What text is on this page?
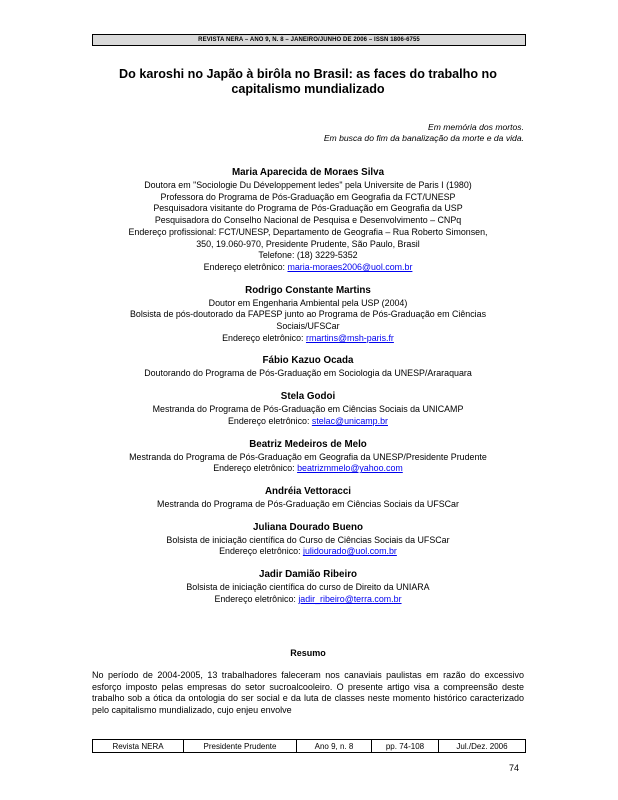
REVISTA NERA – ANO 9, N. 8 – JANEIRO/JUNHO DE 2006 – ISSN 1806-6755
Do karoshi no Japão à birôla no Brasil: as faces do trabalho no capitalismo mundializado
Em memória dos mortos.
Em busca do fim da banalização da morte e da vida.
Maria Aparecida de Moraes Silva
Doutora em "Sociologie Du Développement ledes" pela Universite de Paris I (1980)
Professora do Programa de Pós-Graduação em Geografia da FCT/UNESP
Pesquisadora visitante do Programa de Pós-Graduação em Geografia da USP
Pesquisadora do Conselho Nacional de Pesquisa e Desenvolvimento – CNPq
Endereço profissional: FCT/UNESP, Departamento de Geografia – Rua Roberto Simonsen,
350, 19.060-970, Presidente Prudente, São Paulo, Brasil
Telefone: (18) 3229-5352
Endereço eletrônico: maria-moraes2006@uol.com.br
Rodrigo Constante Martins
Doutor em Engenharia Ambiental pela USP (2004)
Bolsista de pós-doutorado da FAPESP junto ao Programa de Pós-Graduação em Ciências
Sociais/UFSCar
Endereço eletrônico: rmartins@msh-paris.fr
Fábio Kazuo Ocada
Doutorando do Programa de Pós-Graduação em Sociologia da UNESP/Araraquara
Stela Godoi
Mestranda do Programa de Pós-Graduação em Ciências Sociais da UNICAMP
Endereço eletrônico: stelac@unicamp.br
Beatriz Medeiros de Melo
Mestranda do Programa de Pós-Graduação em Geografia da UNESP/Presidente Prudente
Endereço eletrônico: beatrizmmelo@yahoo.com
Andréia Vettoracci
Mestranda do Programa de Pós-Graduação em Ciências Sociais da UFSCar
Juliana Dourado Bueno
Bolsista de iniciação científica do Curso de Ciências Sociais da UFSCar
Endereço eletrônico: julidourado@uol.com.br
Jadir Damião Ribeiro
Bolsista de iniciação científica do curso de Direito da UNIARA
Endereço eletrônico: jadir_ribeiro@terra.com.br
Resumo
No período de 2004-2005, 13 trabalhadores faleceram nos canaviais paulistas em razão do excessivo esforço imposto pelas empresas do setor sucroalcooleiro. O presente artigo visa a compreensão deste trabalho sob a ótica da ontologia do ser social e da luta de classes neste momento histórico caracterizado pelo capitalismo mundializado, cujo enjeu envolve
Revista NERA	Presidente Prudente	Ano 9, n. 8	pp. 74-108	Jul./Dez. 2006
74
